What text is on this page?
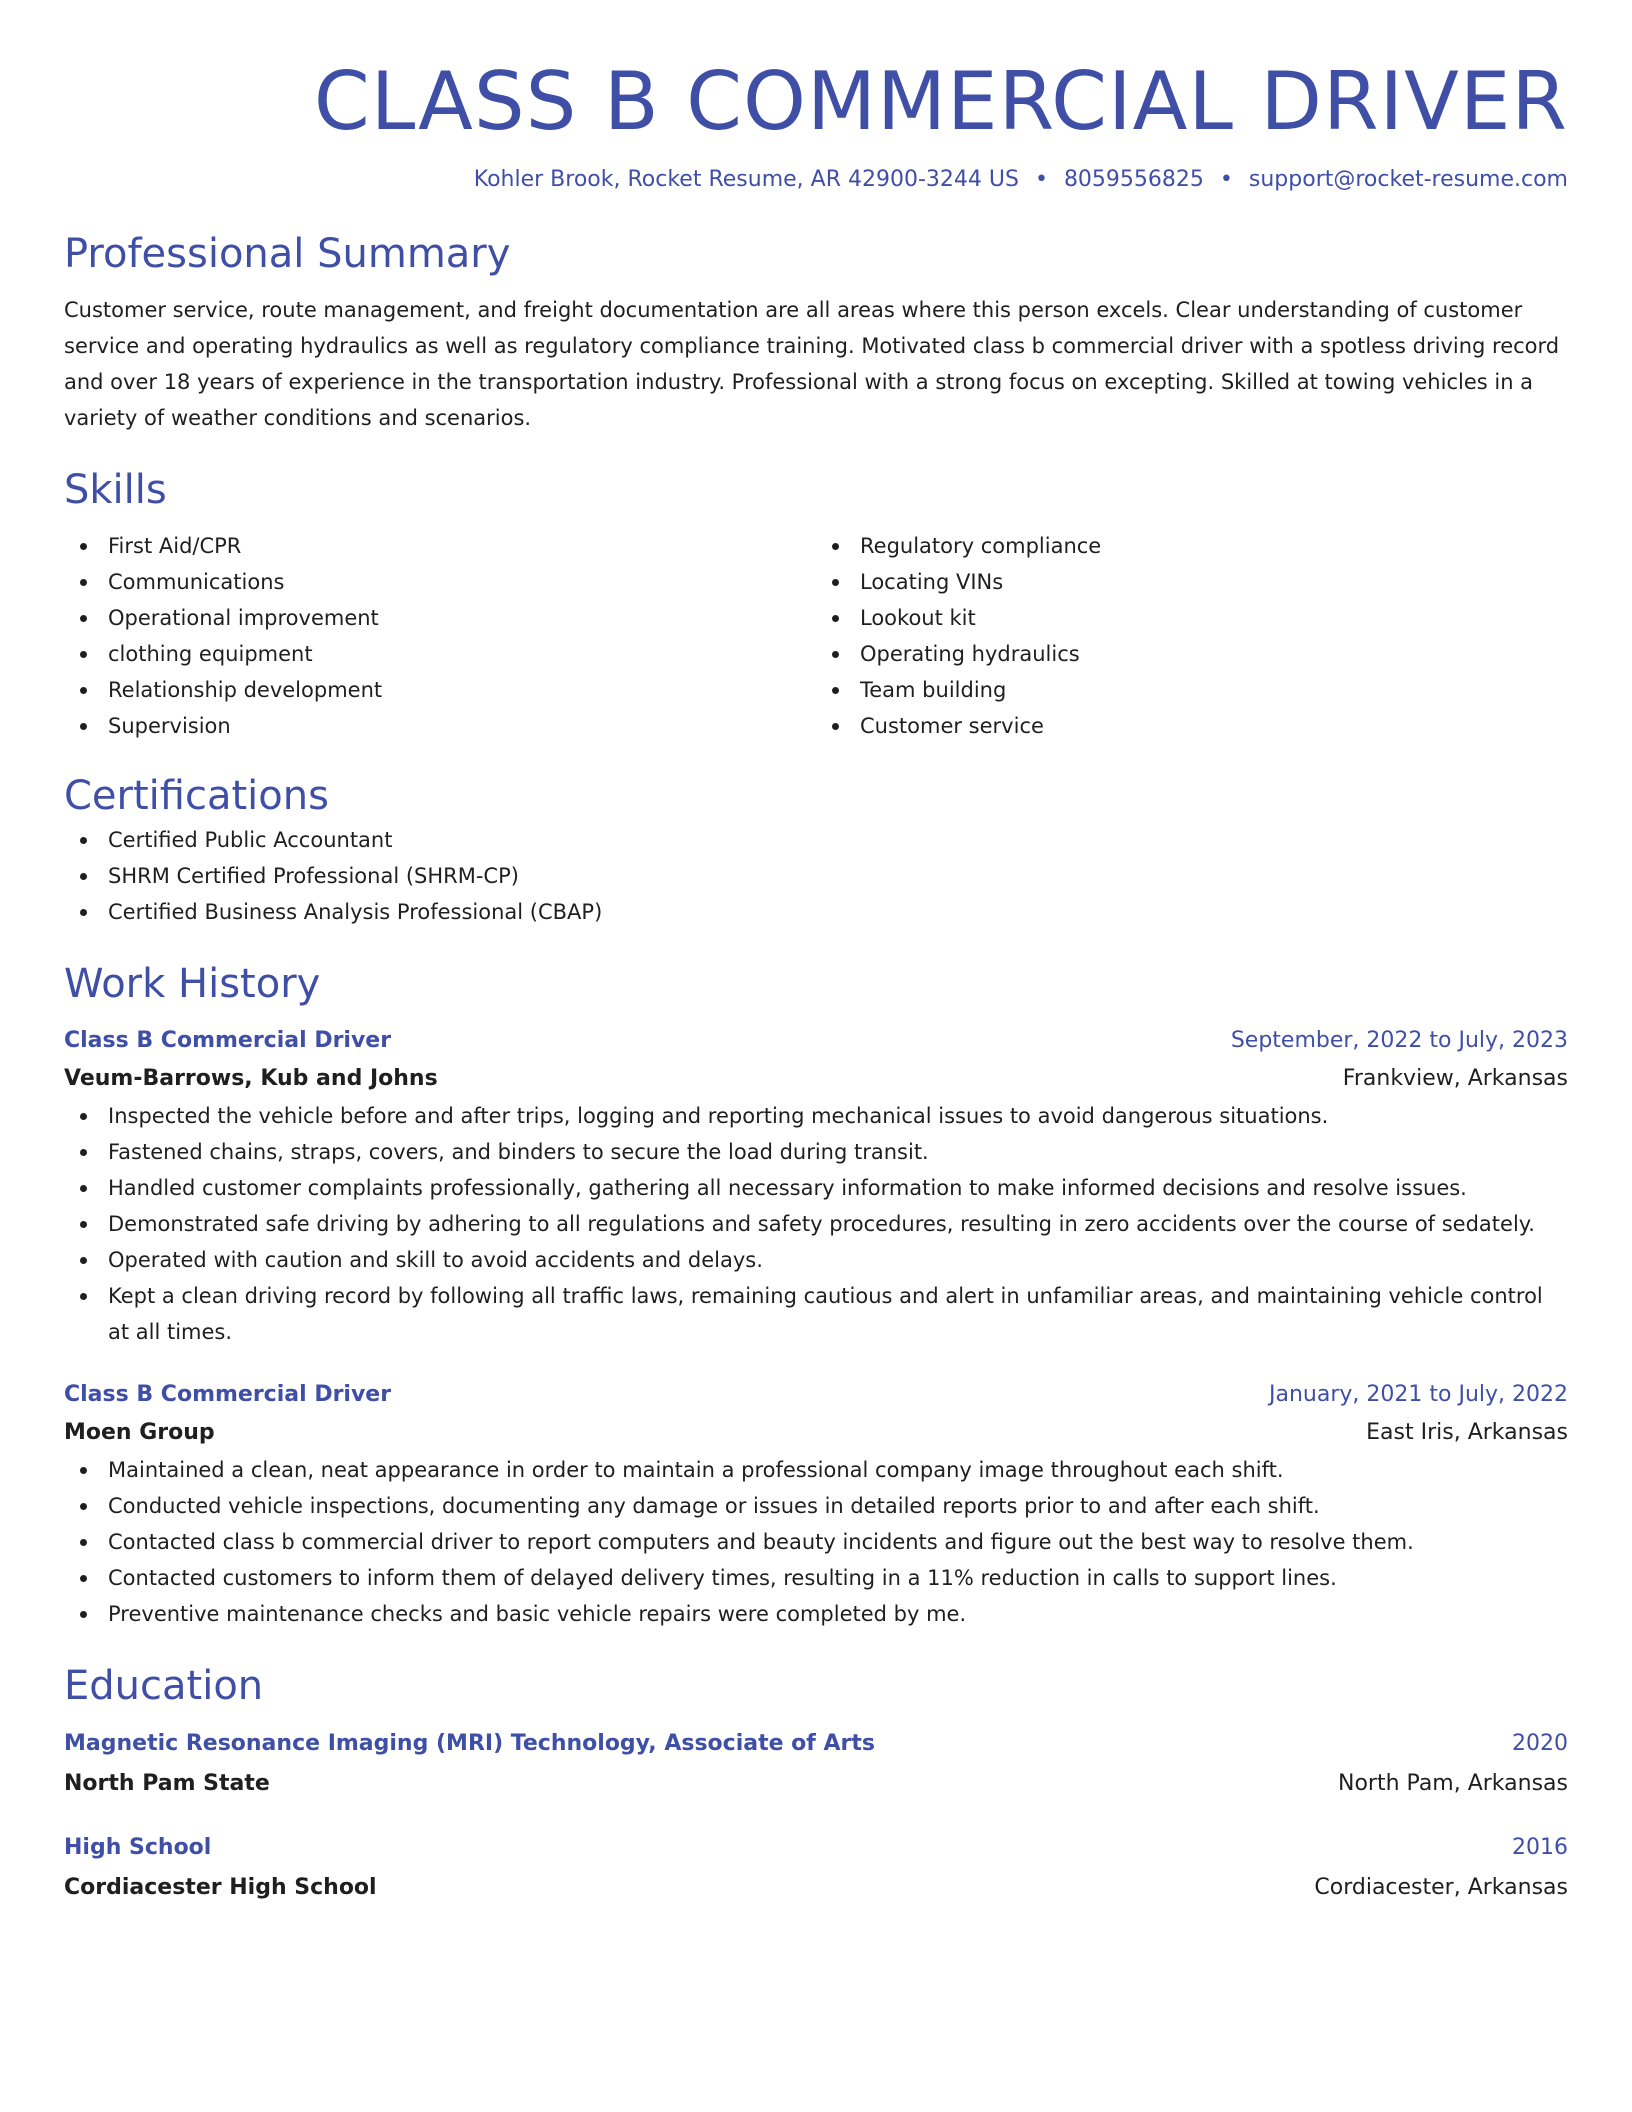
CLASS B COMMERCIAL DRIVER
Kohler Brook, Rocket Resume, AR 42900-3244 US • 8059556825 • support@rocket-resume.com
Professional Summary
Customer service, route management, and freight documentation are all areas where this person excels. Clear understanding of customer service and operating hydraulics as well as regulatory compliance training. Motivated class b commercial driver with a spotless driving record and over 18 years of experience in the transportation industry. Professional with a strong focus on excepting. Skilled at towing vehicles in a variety of weather conditions and scenarios.
Skills
First Aid/CPR
Communications
Operational improvement
clothing equipment
Relationship development
Supervision
Regulatory compliance
Locating VINs
Lookout kit
Operating hydraulics
Team building
Customer service
Certifications
Certified Public Accountant
SHRM Certified Professional (SHRM-CP)
Certified Business Analysis Professional (CBAP)
Work History
Class B Commercial Driver	September, 2022 to July, 2023
Veum-Barrows, Kub and Johns	Frankview, Arkansas
Inspected the vehicle before and after trips, logging and reporting mechanical issues to avoid dangerous situations.
Fastened chains, straps, covers, and binders to secure the load during transit.
Handled customer complaints professionally, gathering all necessary information to make informed decisions and resolve issues.
Demonstrated safe driving by adhering to all regulations and safety procedures, resulting in zero accidents over the course of sedately.
Operated with caution and skill to avoid accidents and delays.
Kept a clean driving record by following all traffic laws, remaining cautious and alert in unfamiliar areas, and maintaining vehicle control at all times.
Class B Commercial Driver	January, 2021 to July, 2022
Moen Group	East Iris, Arkansas
Maintained a clean, neat appearance in order to maintain a professional company image throughout each shift.
Conducted vehicle inspections, documenting any damage or issues in detailed reports prior to and after each shift.
Contacted class b commercial driver to report computers and beauty incidents and figure out the best way to resolve them.
Contacted customers to inform them of delayed delivery times, resulting in a 11% reduction in calls to support lines.
Preventive maintenance checks and basic vehicle repairs were completed by me.
Education
Magnetic Resonance Imaging (MRI) Technology, Associate of Arts	2020
North Pam State	North Pam, Arkansas
High School	2016
Cordiacester High School	Cordiacester, Arkansas
